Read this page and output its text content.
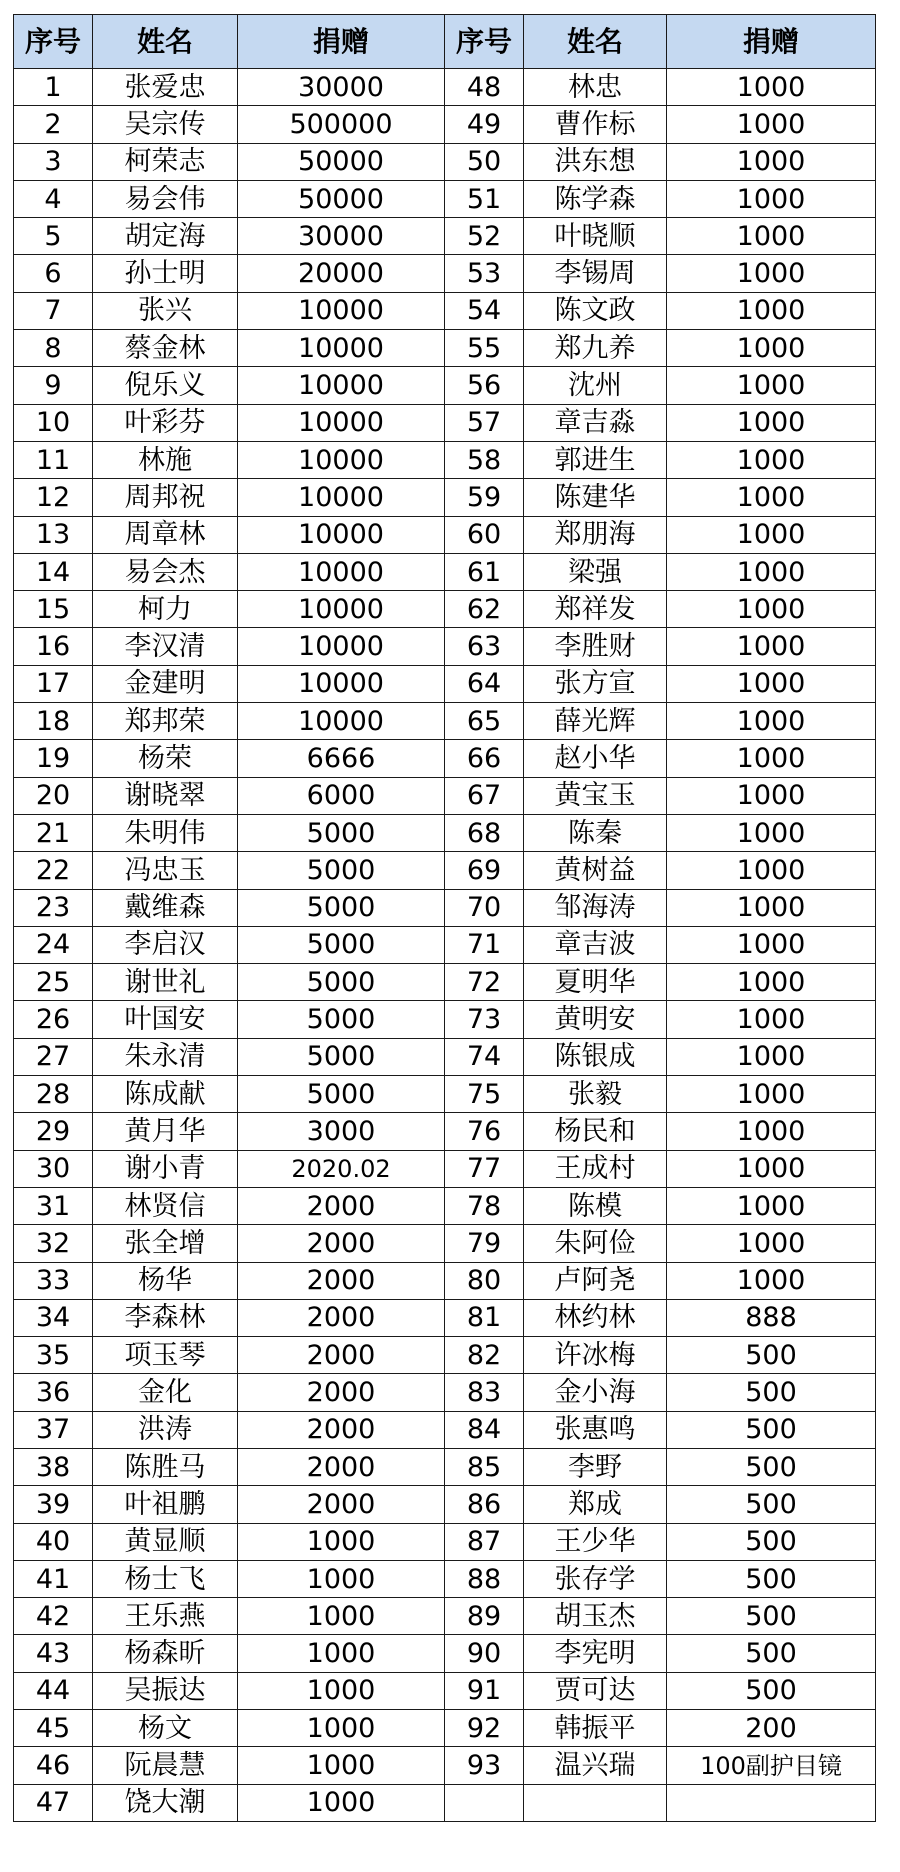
序号	姓名	捐赠	序号	姓名	捐赠
1	张爱忠	30000	48	林忠	1000
2	吴宗传	500000	49	曹作标	1000
3	柯荣志	50000	50	洪东想	1000
4	易会伟	50000	51	陈学森	1000
5	胡定海	30000	52	叶晓顺	1000
6	孙士明	20000	53	李锡周	1000
7	张兴	10000	54	陈文政	1000
8	蔡金林	10000	55	郑九养	1000
9	倪乐义	10000	56	沈州	1000
10	叶彩芬	10000	57	章吉淼	1000
11	林施	10000	58	郭进生	1000
12	周邦祝	10000	59	陈建华	1000
13	周章林	10000	60	郑朋海	1000
14	易会杰	10000	61	梁强	1000
15	柯力	10000	62	郑祥发	1000
16	李汉清	10000	63	李胜财	1000
17	金建明	10000	64	张方宣	1000
18	郑邦荣	10000	65	薛光辉	1000
19	杨荣	6666	66	赵小华	1000
20	谢晓翠	6000	67	黄宝玉	1000
21	朱明伟	5000	68	陈秦	1000
22	冯忠玉	5000	69	黄树益	1000
23	戴维森	5000	70	邹海涛	1000
24	李启汉	5000	71	章吉波	1000
25	谢世礼	5000	72	夏明华	1000
26	叶国安	5000	73	黄明安	1000
27	朱永清	5000	74	陈银成	1000
28	陈成献	5000	75	张毅	1000
29	黄月华	3000	76	杨民和	1000
30	谢小青	2020.02	77	王成村	1000
31	林贤信	2000	78	陈模	1000
32	张全增	2000	79	朱阿俭	1000
33	杨华	2000	80	卢阿尧	1000
34	李森林	2000	81	林约林	888
35	项玉琴	2000	82	许冰梅	500
36	金化	2000	83	金小海	500
37	洪涛	2000	84	张惠鸣	500
38	陈胜马	2000	85	李野	500
39	叶祖鹏	2000	86	郑成	500
40	黄显顺	1000	87	王少华	500
41	杨士飞	1000	88	张存学	500
42	王乐燕	1000	89	胡玉杰	500
43	杨森昕	1000	90	李宪明	500
44	吴振达	1000	91	贾可达	500
45	杨文	1000	92	韩振平	200
46	阮晨慧	1000	93	温兴瑞	100副护目镜
47	饶大潮	1000			
